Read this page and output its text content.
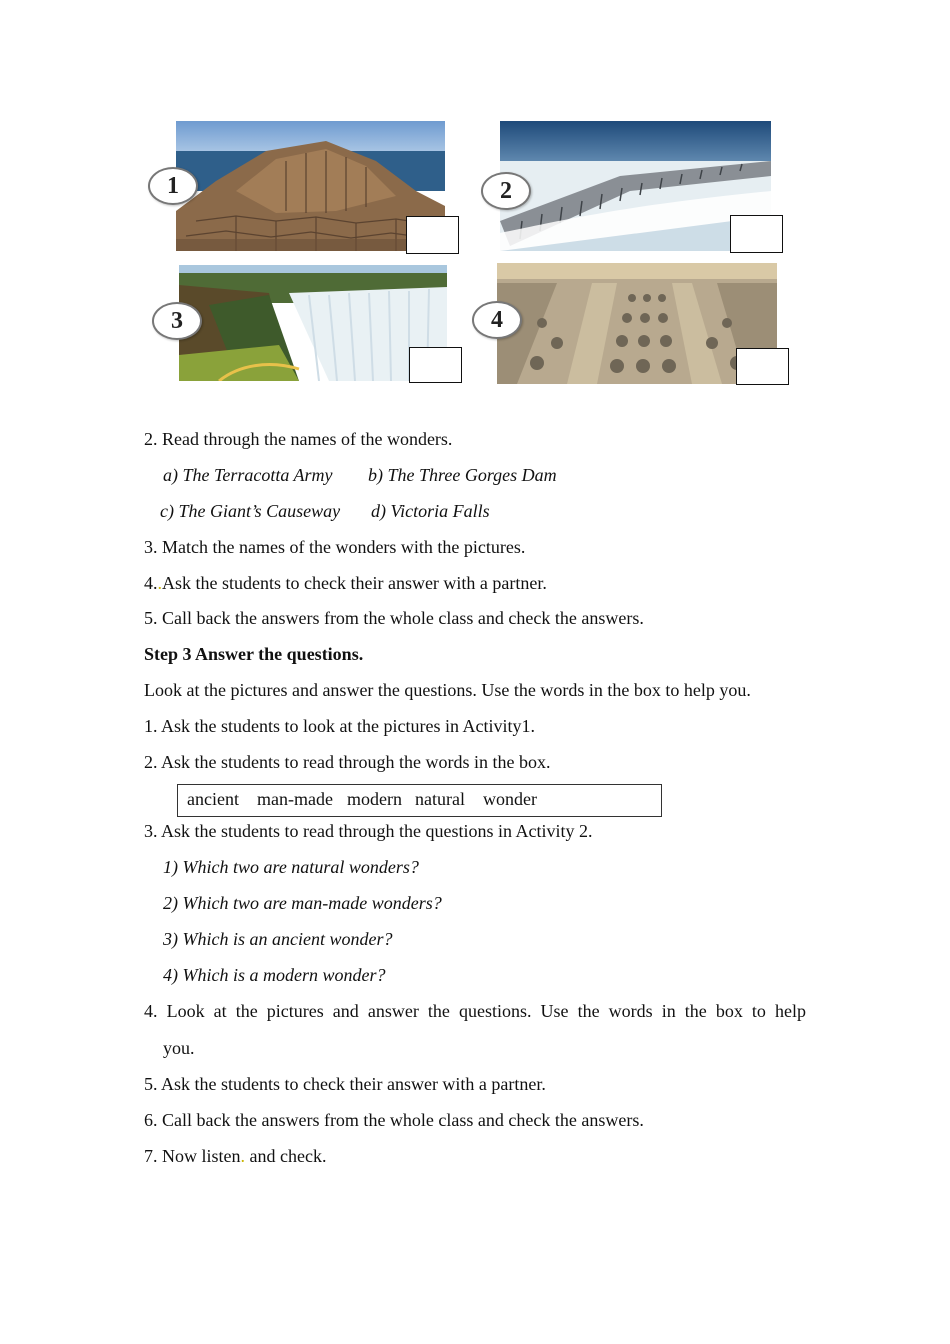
1	2
3	4
2. Read through the names of the wonders.
a) The Terracotta Army b) The Three Gorges Dam
c) The Giant’s Causeway d) Victoria Falls
3. Match the names of the wonders with the pictures.
4..Ask the students to check their answer with a partner.
5. Call back the answers from the whole class and check the answers.
Step 3 Answer the questions.
Look at the pictures and answer the questions. Use the words in the box to help you.
1. Ask the students to look at the pictures in Activity1.
2. Ask the students to read through the words in the box.
ancient man-made modern natural wonder
3. Ask the students to read through the questions in Activity 2.
1) Which two are natural wonders?
2) Which two are man-made wonders?
3) Which is an ancient wonder?
4) Which is a modern wonder?
4. Look at the pictures and answer the questions. Use the words in the box to help
you.
5. Ask the students to check their answer with a partner.
6. Call back the answers from the whole class and check the answers.
7. Now listen. and check.
